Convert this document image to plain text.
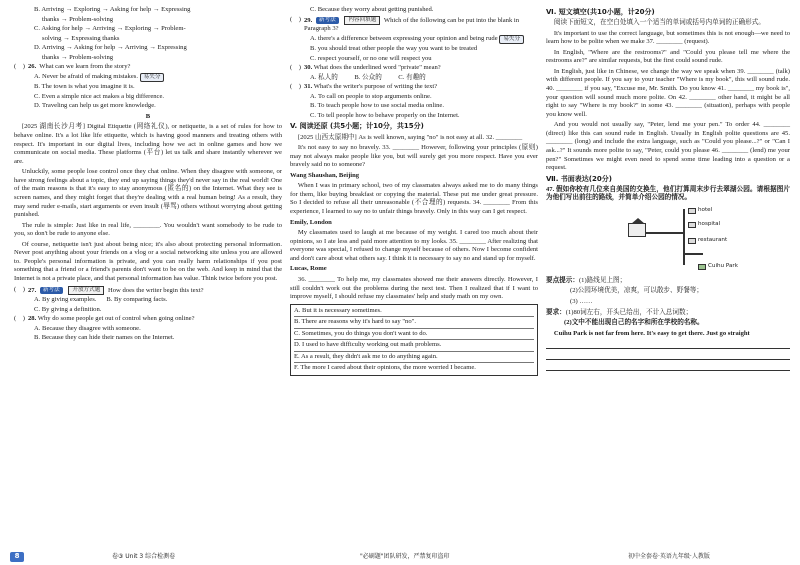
B. Arriving → Exploring → Asking for help → Expressing
thanks → Problem-solving
C. Asking for help → Arriving → Exploring → Problem-
solving → Expressing thanks
D. Arriving → Asking for help → Arriving → Expressing
thanks → Problem-solving
(    ) 26. What can we learn from the story?
A. Never be afraid of making mistakes. 易失分
B. The town is what you imagine it is.
C. Even a simple nice act makes a big difference.
D. Traveling can help us get more knowledge.
B

[2025 湖南长沙月考] Digital Etiquette (网络礼仪), or netiquette, is a set of rules for how to behave online. It's a lot like life etiquette, which is having good manners and treating others with respect. It's important in our digital lives, including how we act in online games and how we communicate on social media. These platforms (平台) let us talk and share instantly wherever we are.

Unluckily, some people lose control once they chat online. When they disagree with someone, or have strong feelings about a topic, they end up saying things they'd never say in the real world! One of the main reasons is that it's easy to stay anonymous (匿名的) on the Internet. What they see is screen names, and they might forget that they're dealing with a real human being! As a result, they may send ruder e-mails, start arguments or even insult (辱骂) others without worrying about getting punished.

The rule is simple: Just like in real life, ________. You wouldn't want somebody to be rude to you, so don't be rude to anyone else.

Of course, netiquette isn't just about being nice; it's also about protecting personal information. Never post anything about your friends on a vlog or a social networking site unless you are allowed to. People's personal information is private, and you can really harm relationships if you post something that a friend or a friend's parents don't want to be on the web. And keep in mind that the Internet is not a private place, and that personal information has value. Think twice before you post.

(    ) 27. 新考法 开放方式题 How does the writer begin this text?
A. By giving examples.      B. By comparing facts.
C. By giving a definition.
(    ) 28. Why do some people get out of control when going online?
A. Because they disagree with someone.
B. Because they can hide their names on the Internet.
C. Because they worry about getting punished.
(    ) 29. 新考法 内容回填题 Which of the following can be put into the blank in Paragraph 3?
A. there's a difference between expressing your opinion and being rude 易失分
B. you should treat other people the way you want to be treated
C. respect yourself, or no one will respect you
(    ) 30. What does the underlined word "private" mean?
A. 私人的          B. 公众的          C. 有趣的
(    ) 31. What's the writer's purpose of writing the text?
A. To call on people to stop arguments online.
B. To teach people how to use social media online.
C. To tell people how to behave properly on the Internet.
V. 阅读还原 (共5小题；计10分，共15分)

[2025 山西太原期中] As is well known, saying "no" is not easy at all. 32. ________

It's not easy to say no bravely. 33. ________ However, following your principles (原则) may not always make people like you, but will surely get you more respect. Have you ever bravely said no to someone?

Wang Shaushan, Beijing

When I was in primary school, two of my classmates always asked me to do many things for them, like buying breakfast or copying the material. These put me under great pressure. So I decided to refuse all their unreasonable (不合理的) requests. 34. ________ From this experience, I learned to say no to unfair things bravely. Only in this way can I get respect.

Emily, London

My classmates used to laugh at me because of my weight. I cared too much about their opinions, so I ate less and paid more attention to my looks. 35. ________ After realizing that everyone was special, I refused to change myself because of others. Now I become confident and don't care about what others say. I think it is necessary to say no and stand up for myself.

Lucas, Rome

36. ________ To help me, my classmates showed me their answers directly. However, I still couldn't work out the problems during the next test. Then I realized that if I want to improve myself, I should refuse my classmates' help and study math on my own.

A. But it is necessary sometimes.
B. There are reasons why it's hard to say "no".
C. Sometimes, you do things you don't want to do.
D. I used to have difficulty working out math problems.
E. As a result, they didn't ask me to do anything again.
F. The more I cared about their opinions, the more worried I became.
Ⅵ. 短文填空(共10小题，计20分)

阅读下面短文，在空白处填入一个适当的单词或括号内单词的正确形式。

It's important to use the correct language, but sometimes this is not enough—we need to learn how to be polite when we make 37. ________ (request).

In English, "Where are the restrooms?" and "Could you please tell me where the restrooms are?" are similar requests, but the first could sound rude.

In English, just like in Chinese, we change the way we speak when 39. ________ (talk) with different people. If you say to your teacher "Where is my book", this will sound rude. 40. ________ if you say, "Excuse me, Mr. Smith. Do you know 41. ________ my book is", your question will sound much more polite. On 42. ________ other hand, it might be all right to say "Where is my book?" in some 43. ________ (situation), perhaps with people you know well.

And you would not usually say, "Peter, lend me your pen." To order 44. ________ (direct) like this can sound rude in English. Usually in English polite questions are 45. ________ (long) and include the extra language, such as "Could you please...?" or "Can I ask...?" It sounds more polite to say, "Peter, could you please 46. ________ (lend) me your pen?" Sometimes we might even need to spend some time leading into a question or a request.

Ⅶ. 书面表达(20分)

47. 假如你校有几位来自美国的交换生，他们打算周末步行去翠湖公园。请根据图片为他们写出前往的路线，并简单介绍公园的情况。

hotel
hospital
restaurant
Cuihu Park

要点提示：(1)路线见上图；

(2)公园环境优美，凉爽，可以散步、野餐等；

(3) ……

要求：(1)80词左右，开头已给出，不计入总词数；

(2)文中不能出现自己的名字和所在学校的名称。

Cuihu Park is not far from here. It's easy to get there. Just go straight

8	卷③ Unit 3 综合检测卷	"必刷题"团队研发，严禁复印盗印	初中全套卷·英语九年级·人教版
